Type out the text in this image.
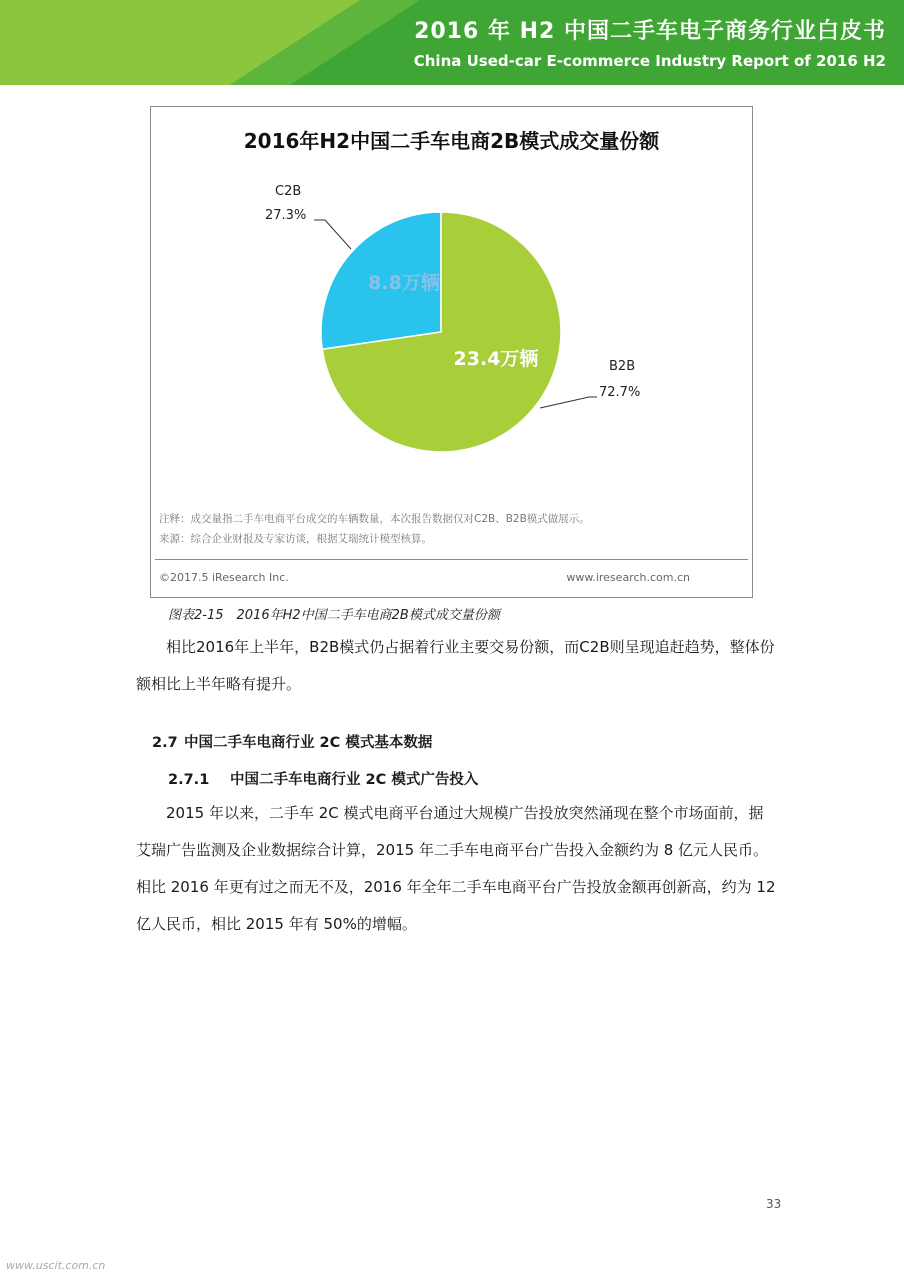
2016 年 H2 中国二手车电子商务行业白皮书
China Used-car E-commerce Industry Report of 2016 H2
2016年H2中国二手车电商2B模式成交量份额
8.8万辆
23.4万辆
C2B
27.3%
B2B
72.7%
注释：成交量指二手车电商平台成交的车辆数量，本次报告数据仅对C2B、B2B模式做展示。
来源：综合企业财报及专家访谈，根据艾瑞统计模型核算。
©2017.5 iResearch Inc.	www.iresearch.com.cn
图表2-15　2016年H2中国二手车电商2B模式成交量份额

相比2016年上半年，B2B模式仍占据着行业主要交易份额，而C2B则呈现追赶趋势，整体份额相比上半年略有提升。

2.7 中国二手车电商行业 2C 模式基本数据
2.7.1 中国二手车电商行业 2C 模式广告投入

2015 年以来，二手车 2C 模式电商平台通过大规模广告投放突然涌现在整个市场面前，据艾瑞广告监测及企业数据综合计算，2015 年二手车电商平台广告投入金额约为 8 亿元人民币。相比 2016 年更有过之而无不及，2016 年全年二手车电商平台广告投放金额再创新高，约为 12 亿人民币，相比 2015 年有 50%的增幅。

33
www.uscit.com.cn
